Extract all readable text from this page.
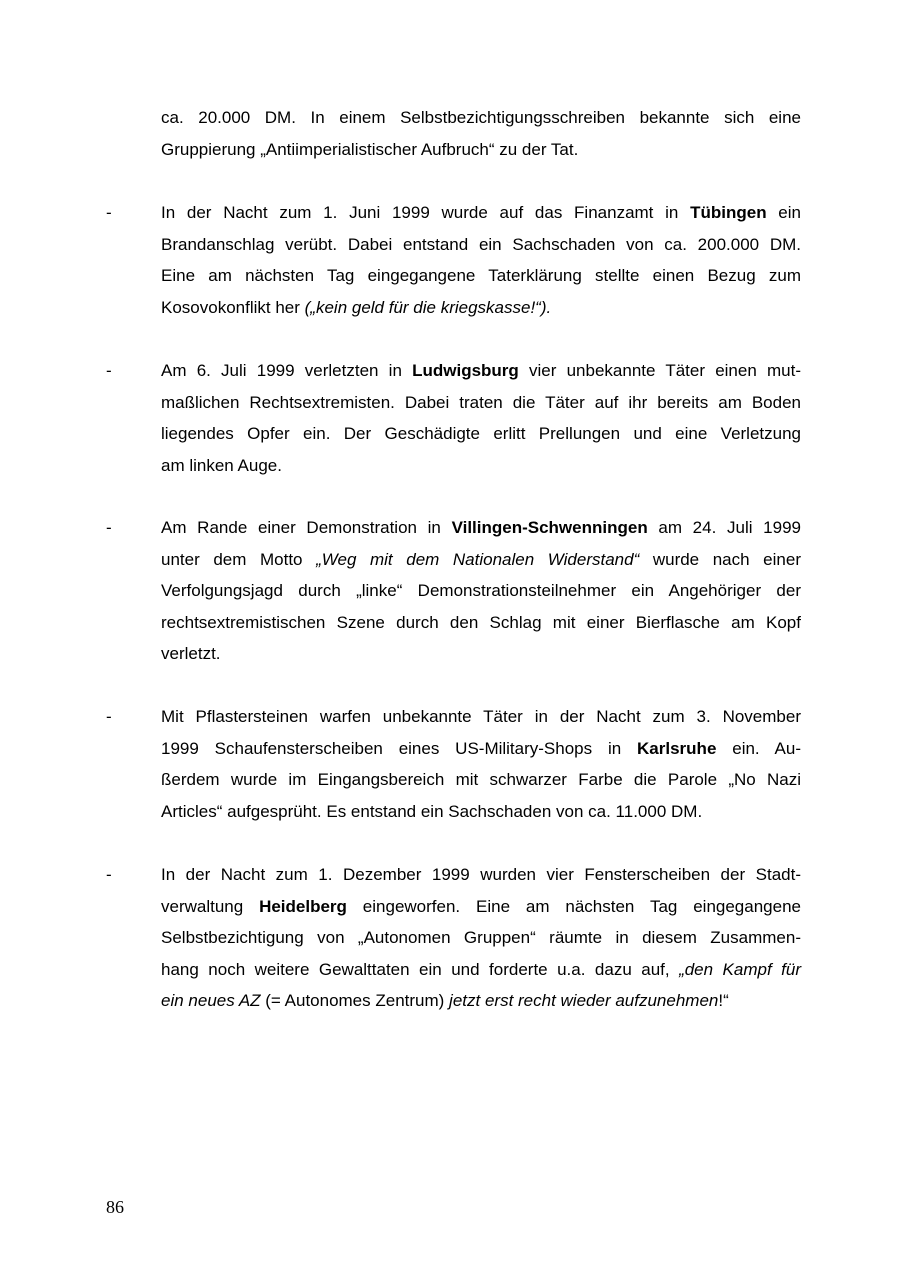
ca. 20.000 DM. In einem Selbstbezichtigungsschreiben bekannte sich eine
Gruppierung „Antiimperialistischer Aufbruch“ zu der Tat.
-	In der Nacht zum 1. Juni 1999 wurde auf das Finanzamt in Tübingen ein
Brandanschlag verübt. Dabei entstand ein Sachschaden von ca. 200.000 DM.
Eine am nächsten Tag eingegangene Taterklärung stellte einen Bezug zum
Kosovokonflikt her („kein geld für die kriegskasse!“).
-	Am 6. Juli 1999 verletzten in Ludwigsburg vier unbekannte Täter einen mut-
maßlichen Rechtsextremisten. Dabei traten die Täter auf ihr bereits am Boden
liegendes Opfer ein. Der Geschädigte erlitt Prellungen und eine Verletzung
am linken Auge.
-	Am Rande einer Demonstration in Villingen-Schwenningen am 24. Juli 1999
unter dem Motto „Weg mit dem Nationalen Widerstand“ wurde nach einer
Verfolgungsjagd durch „linke“ Demonstrationsteilnehmer ein Angehöriger der
rechtsextremistischen Szene durch den Schlag mit einer Bierflasche am Kopf
verletzt.
-	Mit Pflastersteinen warfen unbekannte Täter in der Nacht zum 3. November
1999 Schaufensterscheiben eines US-Military-Shops in Karlsruhe ein. Au-
ßerdem wurde im Eingangsbereich mit schwarzer Farbe die Parole „No Nazi
Articles“ aufgesprüht. Es entstand ein Sachschaden von ca. 11.000 DM.
-	In der Nacht zum 1. Dezember 1999 wurden vier Fensterscheiben der Stadt-
verwaltung Heidelberg eingeworfen. Eine am nächsten Tag eingegangene
Selbstbezichtigung von „Autonomen Gruppen“ räumte in diesem Zusammen-
hang noch weitere Gewalttaten ein und forderte u.a. dazu auf, „den Kampf für
ein neues AZ (= Autonomes Zentrum) jetzt erst recht wieder aufzunehmen!“
86
